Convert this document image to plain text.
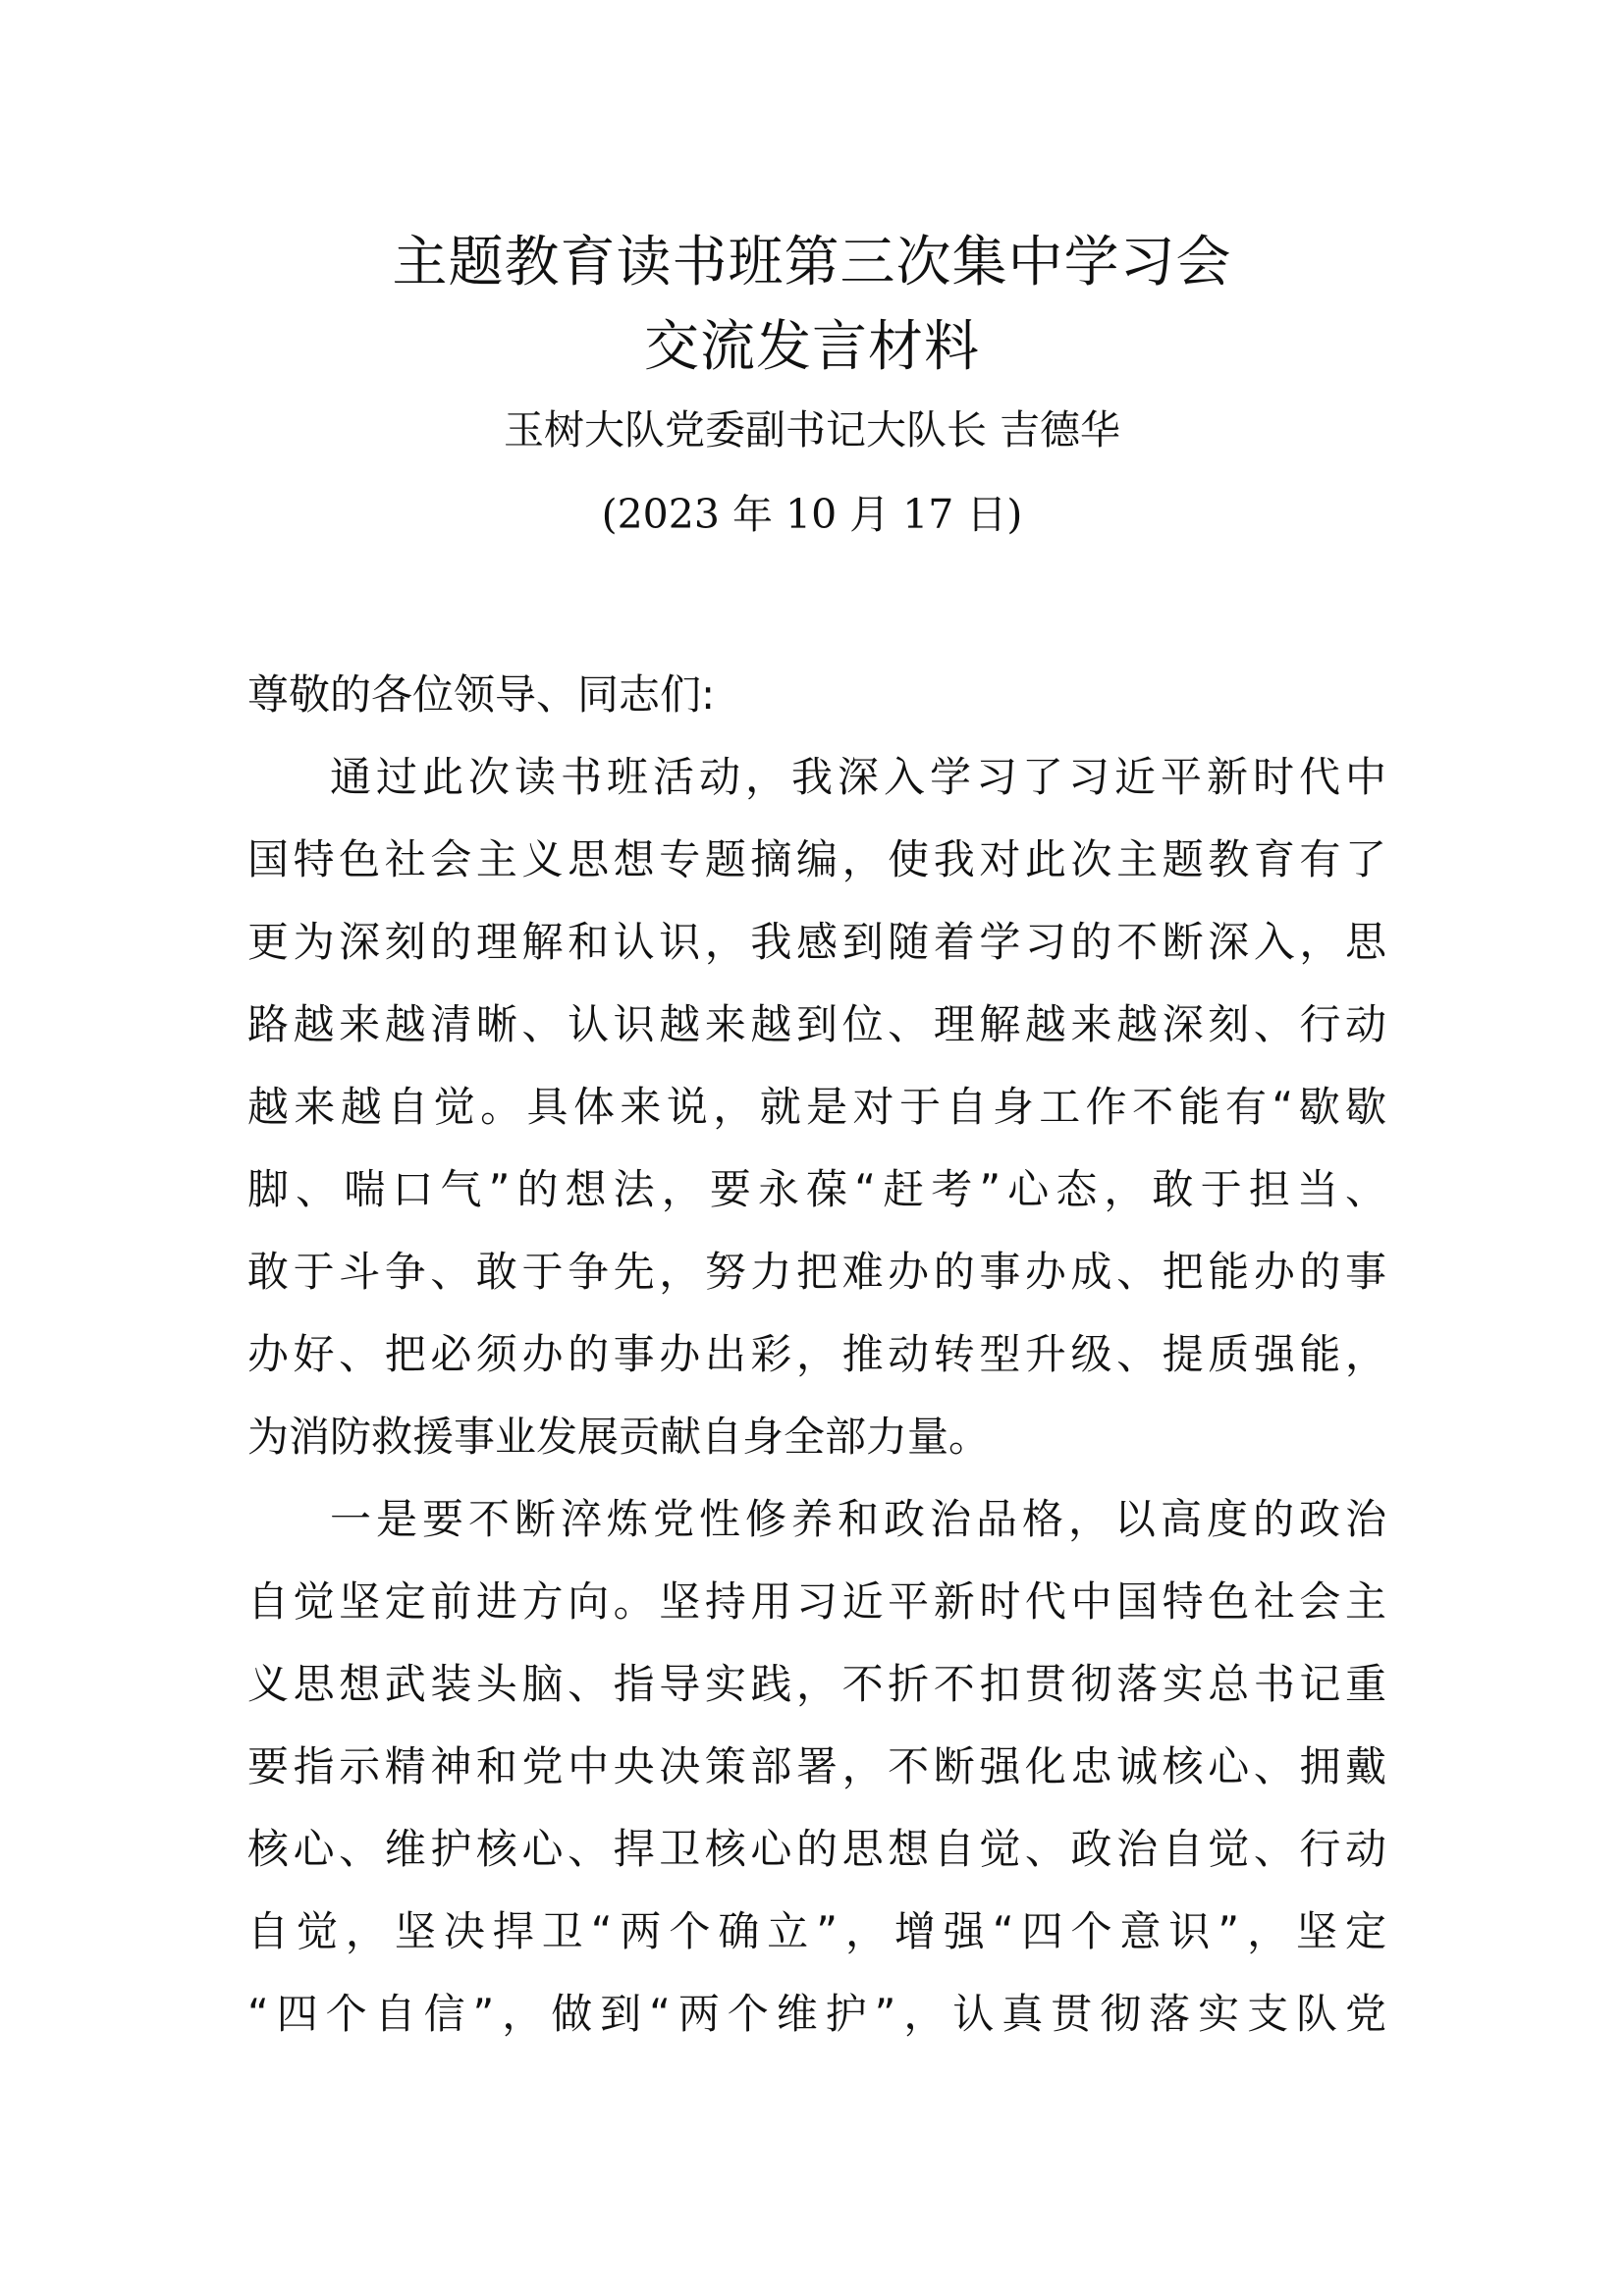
主题教育读书班第三次集中学习会
交流发言材料
玉树大队党委副书记大队长 吉德华
(2023 年 10 月 17 日)
尊敬的各位领导、同志们:
通过此次读书班活动，我深入学习了习近平新时代中
国特色社会主义思想专题摘编，使我对此次主题教育有了
更为深刻的理解和认识，我感到随着学习的不断深入，思
路越来越清晰、认识越来越到位、理解越来越深刻、行动
越来越自觉。具体来说，就是对于自身工作不能有“歇歇
脚、喘口气”的想法，要永葆“赶考”心态，敢于担当、
敢于斗争、敢于争先，努力把难办的事办成、把能办的事
办好、把必须办的事办出彩，推动转型升级、提质强能，
为消防救援事业发展贡献自身全部力量。
一是要不断淬炼党性修养和政治品格，以高度的政治
自觉坚定前进方向。坚持用习近平新时代中国特色社会主
义思想武装头脑、指导实践，不折不扣贯彻落实总书记重
要指示精神和党中央决策部署，不断强化忠诚核心、拥戴
核心、维护核心、捍卫核心的思想自觉、政治自觉、行动
自觉，坚决捍卫“两个确立”，增强“四个意识”，坚定
“四个自信”，做到“两个维护”，认真贯彻落实支队党
